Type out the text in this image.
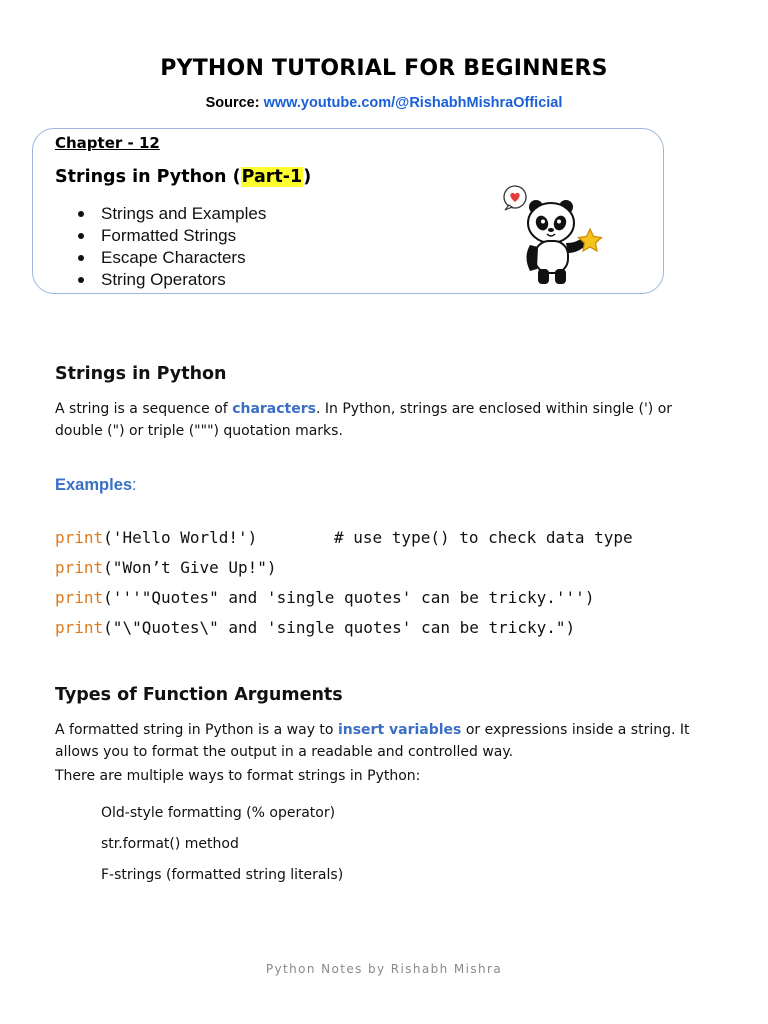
PYTHON TUTORIAL FOR BEGINNERS
Source: www.youtube.com/@RishabhMishraOfficial
Chapter - 12
Strings in Python (Part-1)
Strings and Examples
Formatted Strings
Escape Characters
String Operators
Strings in Python
A string is a sequence of characters. In Python, strings are enclosed within single (') or double (") or triple (""") quotation marks.
Examples:
print('Hello World!')	# use type() to check data type
print("Won’t Give Up!")
print('''"Quotes" and 'single quotes' can be tricky.''')
print("\"Quotes\" and 'single quotes' can be tricky.")
Types of Function Arguments
A formatted string in Python is a way to insert variables or expressions inside a string. It allows you to format the output in a readable and controlled way.
There are multiple ways to format strings in Python:
Old-style formatting (% operator)
str.format() method
F-strings (formatted string literals)
Python Notes by Rishabh Mishra
